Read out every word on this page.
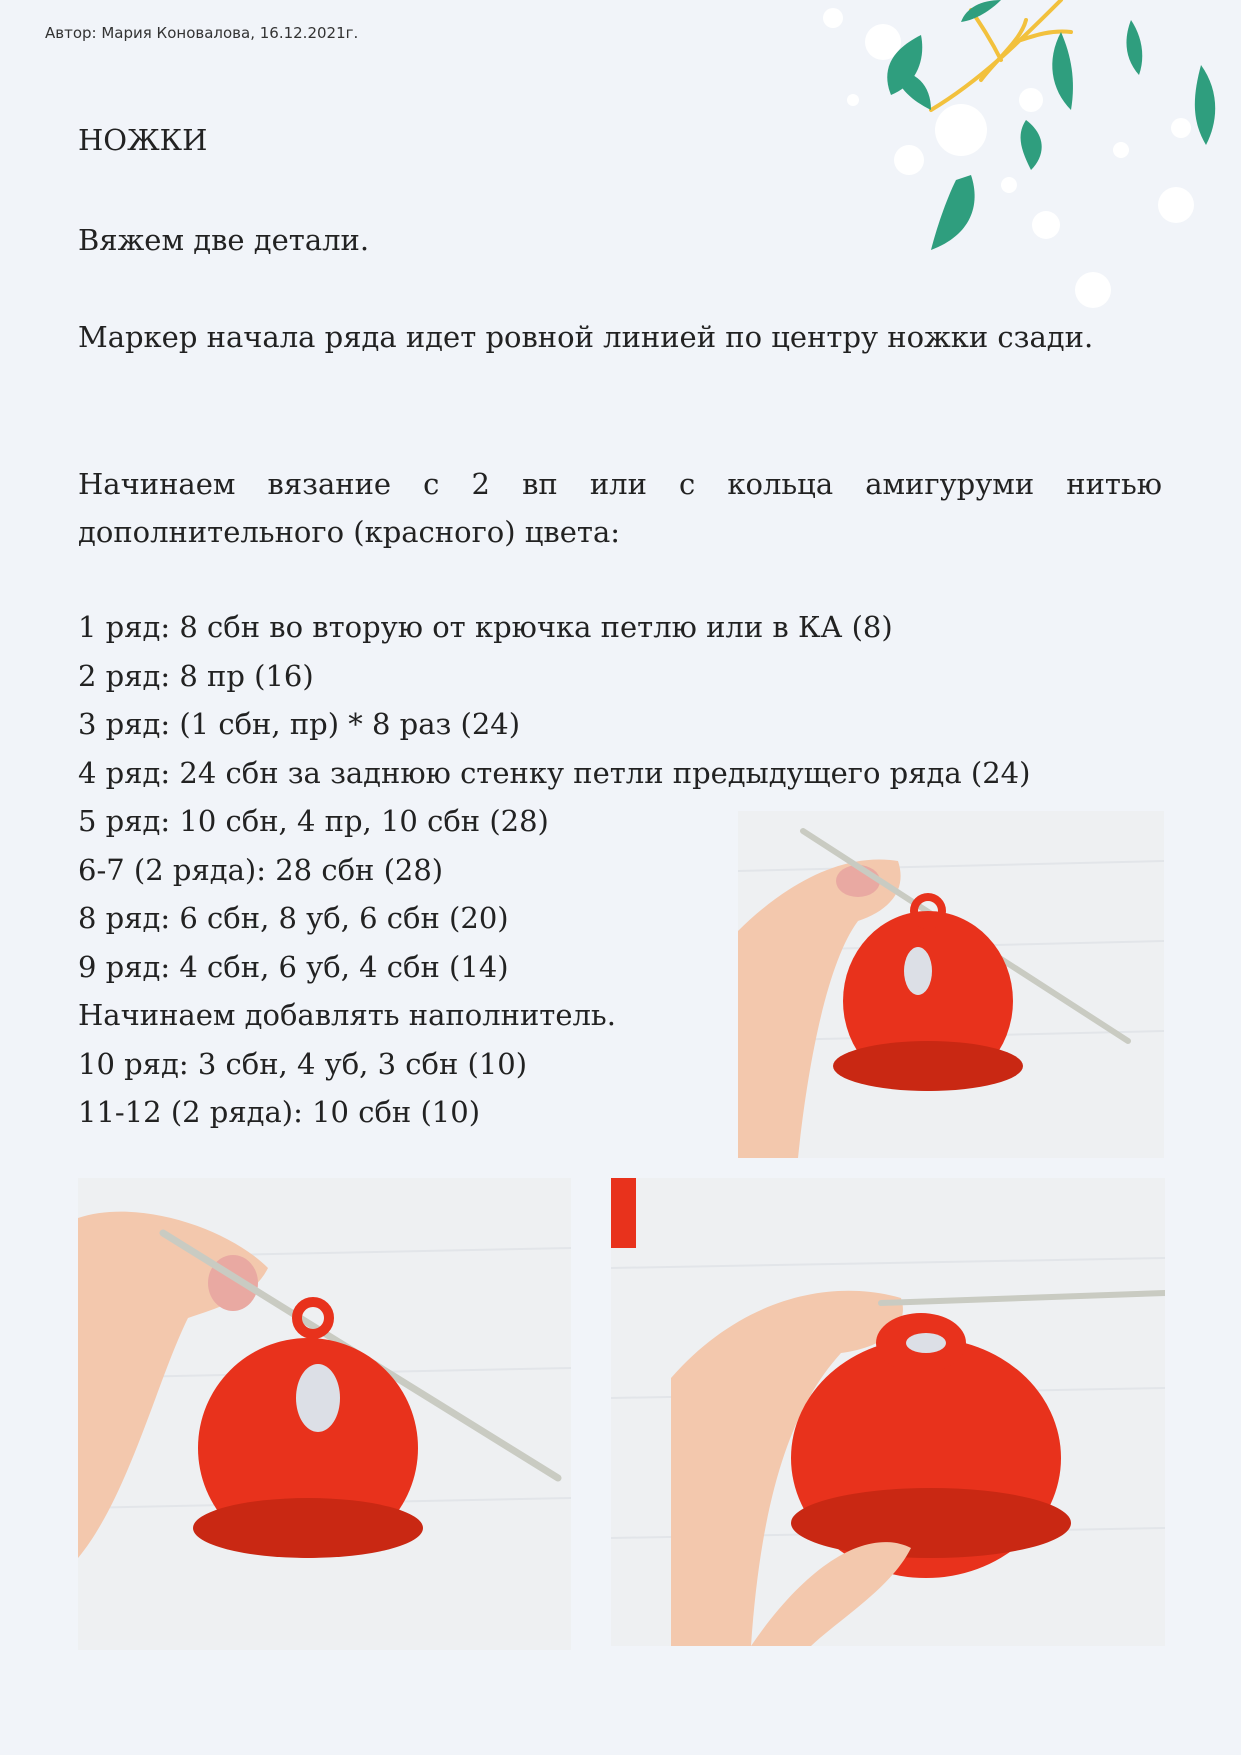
Автор: Мария Коновалова, 16.12.2021г.

НОЖКИ

Вяжем две детали.

Маркер начала ряда идет ровной линией по центру ножки сзади.

Начинаем вязание с 2 вп или с кольца амигуруми нитью дополнительного (красного) цвета:

1 ряд: 8 сбн во вторую от крючка петлю или в КА (8)
2 ряд: 8 пр (16)
3 ряд: (1 сбн, пр) * 8 раз (24)
4 ряд: 24 сбн за заднюю стенку петли предыдущего ряда (24)
5 ряд: 10 сбн, 4 пр, 10 сбн (28)
6-7 (2 ряда): 28 сбн (28)
8 ряд: 6 сбн, 8 уб, 6 сбн (20)
9 ряд: 4 сбн, 6 уб, 4 сбн (14)
Начинаем добавлять наполнитель.
10 ряд: 3 сбн, 4 уб, 3 сбн (10)
11-12 (2 ряда): 10 сбн (10)
